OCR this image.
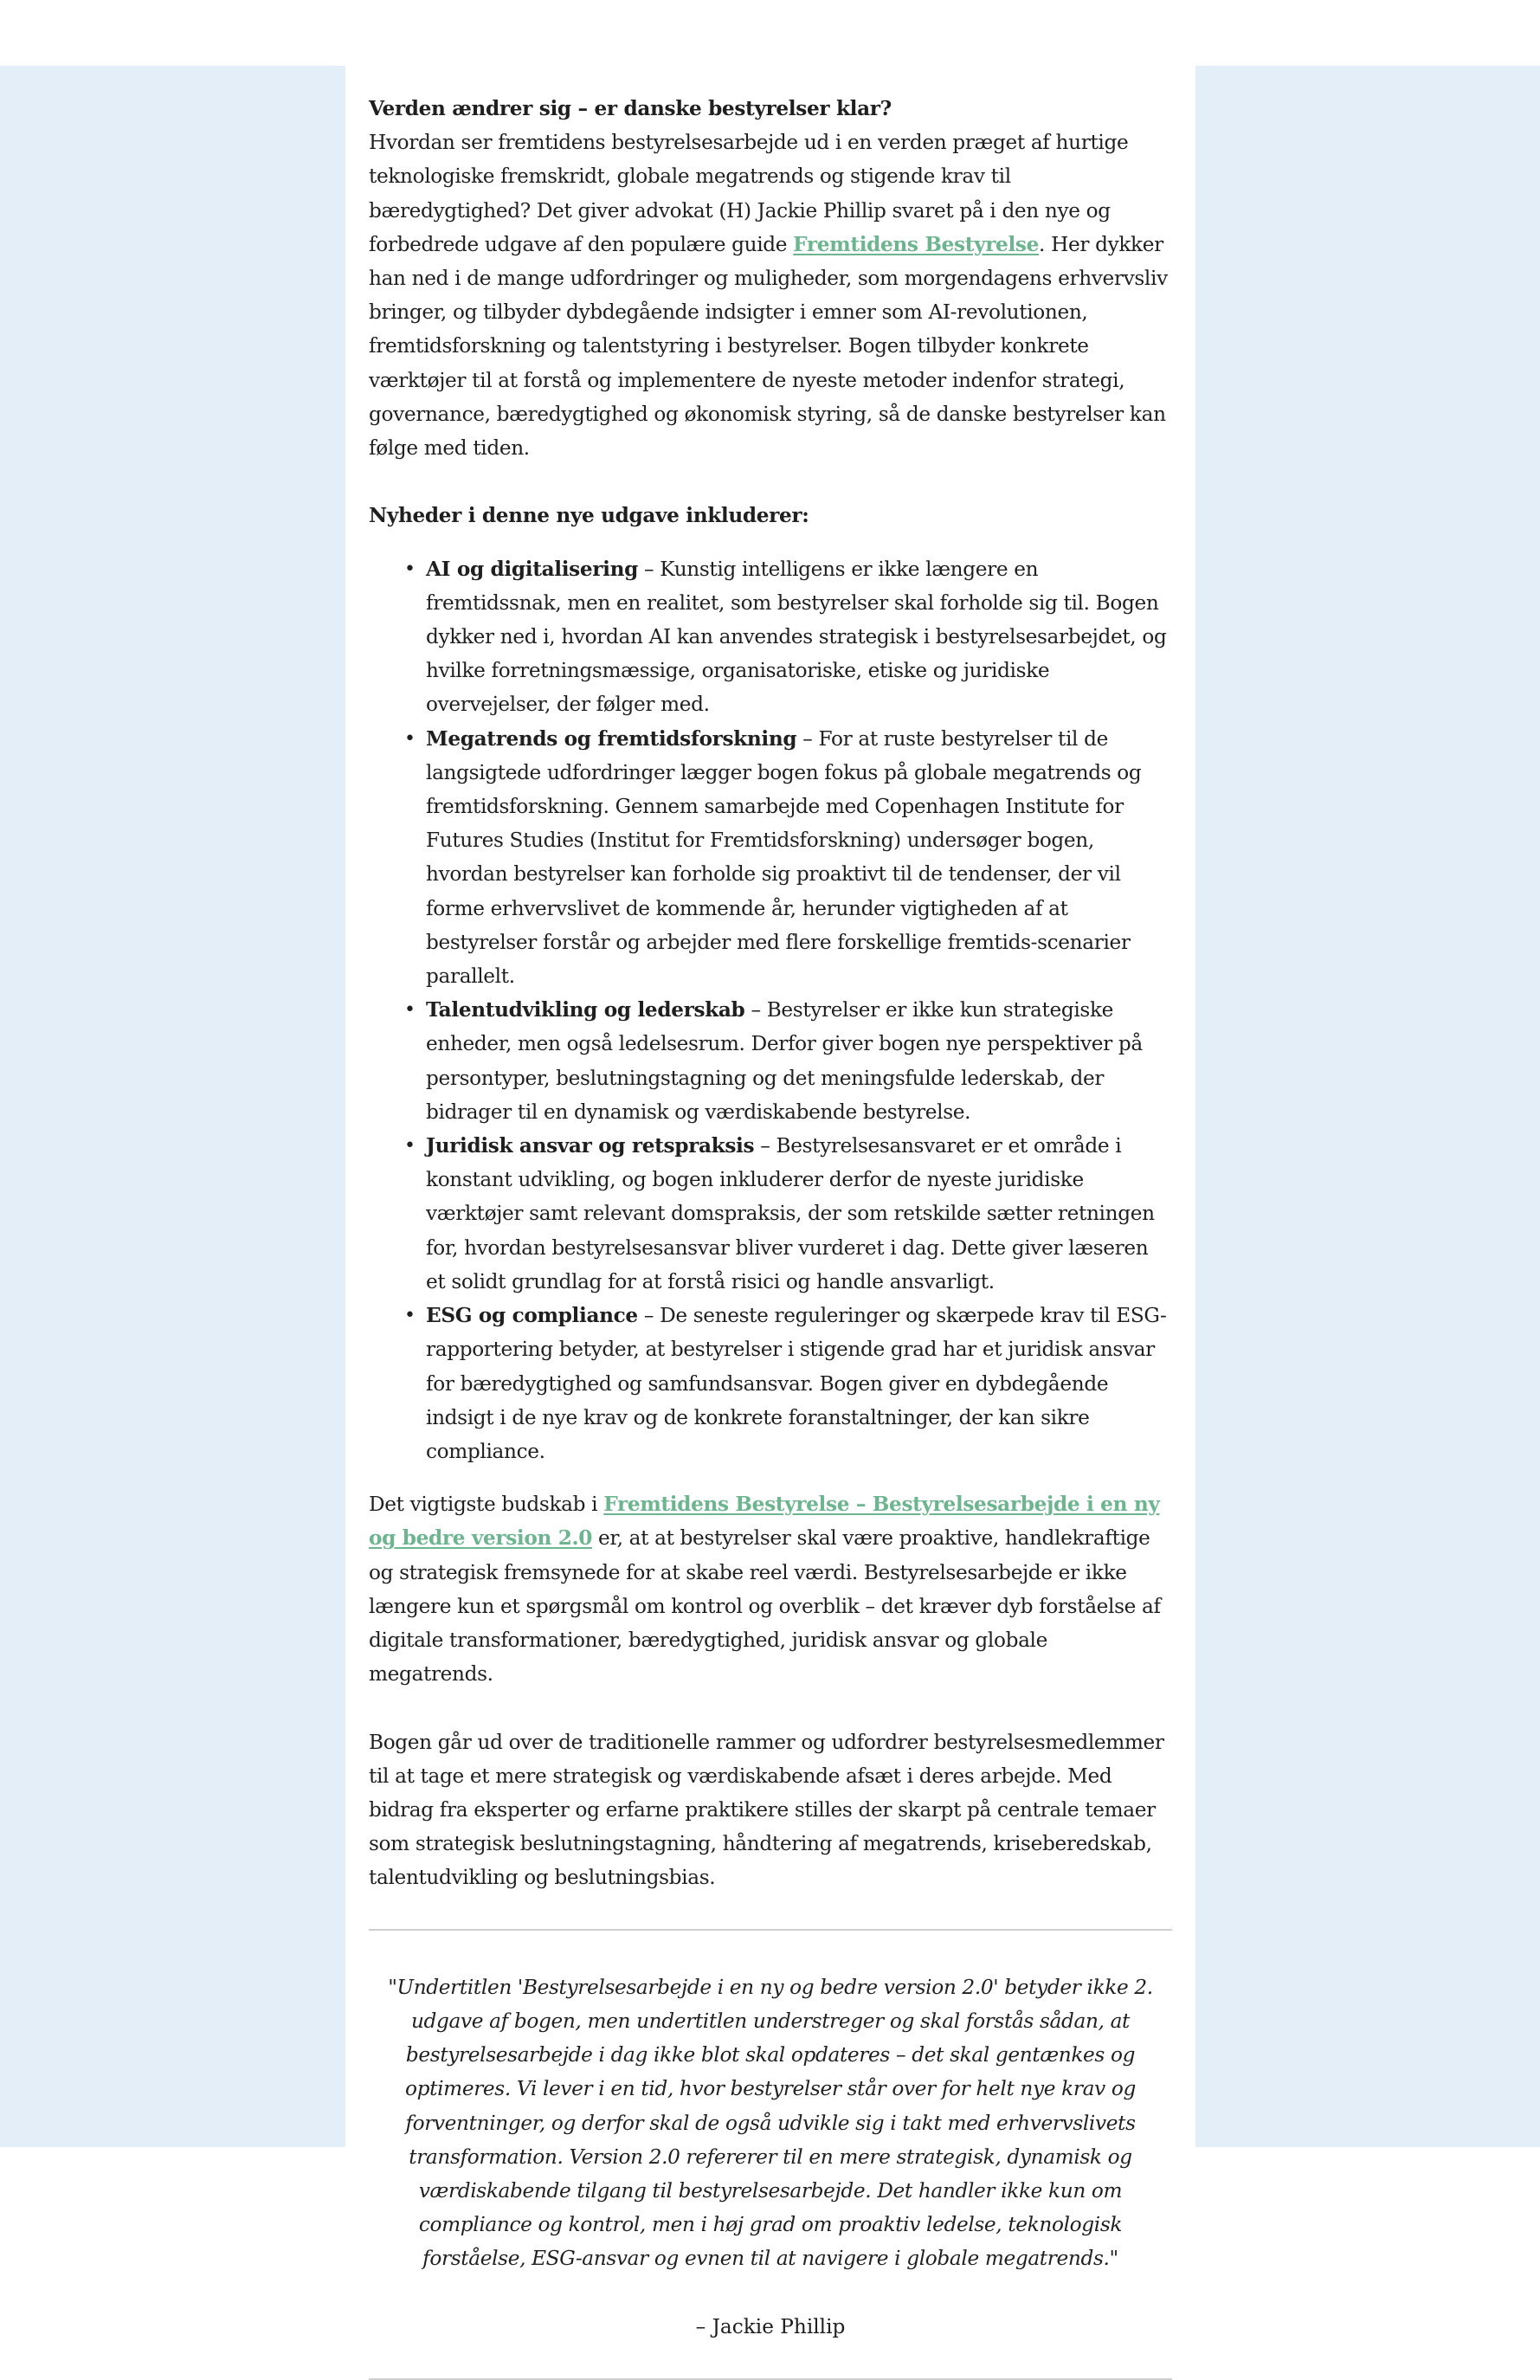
Verden ændrer sig – er danske bestyrelser klar?
Hvordan ser fremtidens bestyrelsesarbejde ud i en verden præget af hurtige teknologiske fremskridt, globale megatrends og stigende krav til bæredygtighed? Det giver advokat (H) Jackie Phillip svaret på i den nye og forbedrede udgave af den populære guide Fremtidens Bestyrelse. Her dykker han ned i de mange udfordringer og muligheder, som morgendagens erhvervsliv bringer, og tilbyder dybdegående indsigter i emner som AI-revolutionen, fremtidsforskning og talentstyring i bestyrelser. Bogen tilbyder konkrete værktøjer til at forstå og implementere de nyeste metoder indenfor strategi, governance, bæredygtighed og økonomisk styring, så de danske bestyrelser kan følge med tiden.

Nyheder i denne nye udgave inkluderer:

• AI og digitalisering – Kunstig intelligens er ikke længere en fremtidssnak, men en realitet, som bestyrelser skal forholde sig til. Bogen dykker ned i, hvordan AI kan anvendes strategisk i bestyrelsesarbejdet, og hvilke forretningsmæssige, organisatoriske, etiske og juridiske overvejelser, der følger med.
• Megatrends og fremtidsforskning – For at ruste bestyrelser til de langsigtede udfordringer lægger bogen fokus på globale megatrends og fremtidsforskning. Gennem samarbejde med Copenhagen Institute for Futures Studies (Institut for Fremtidsforskning) undersøger bogen, hvordan bestyrelser kan forholde sig proaktivt til de tendenser, der vil forme erhvervslivet de kommende år, herunder vigtigheden af at bestyrelser forstår og arbejder med flere forskellige fremtids-scenarier parallelt.
• Talentudvikling og lederskab – Bestyrelser er ikke kun strategiske enheder, men også ledelsesrum. Derfor giver bogen nye perspektiver på persontyper, beslutningstagning og det meningsfulde lederskab, der bidrager til en dynamisk og værdiskabende bestyrelse.
• Juridisk ansvar og retspraksis – Bestyrelsesansvaret er et område i konstant udvikling, og bogen inkluderer derfor de nyeste juridiske værktøjer samt relevant domspraksis, der som retskilde sætter retningen for, hvordan bestyrelsesansvar bliver vurderet i dag. Dette giver læseren et solidt grundlag for at forstå risici og handle ansvarligt.
• ESG og compliance – De seneste reguleringer og skærpede krav til ESG-rapportering betyder, at bestyrelser i stigende grad har et juridisk ansvar for bæredygtighed og samfundsansvar. Bogen giver en dybdegående indsigt i de nye krav og de konkrete foranstaltninger, der kan sikre compliance.

Det vigtigste budskab i Fremtidens Bestyrelse – Bestyrelsesarbejde i en ny og bedre version 2.0 er, at at bestyrelser skal være proaktive, handlekraftige og strategisk fremsynede for at skabe reel værdi. Bestyrelsesarbejde er ikke længere kun et spørgsmål om kontrol og overblik – det kræver dyb forståelse af digitale transformationer, bæredygtighed, juridisk ansvar og globale megatrends.

Bogen går ud over de traditionelle rammer og udfordrer bestyrelsesmedlemmer til at tage et mere strategisk og værdiskabende afsæt i deres arbejde. Med bidrag fra eksperter og erfarne praktikere stilles der skarpt på centrale temaer som strategisk beslutningstagning, håndtering af megatrends, kriseberedskab, talentudvikling og beslutningsbias.

"Undertitlen 'Bestyrelsesarbejde i en ny og bedre version 2.0' betyder ikke 2. udgave af bogen, men undertitlen understreger og skal forstås sådan, at bestyrelsesarbejde i dag ikke blot skal opdateres – det skal gentænkes og optimeres. Vi lever i en tid, hvor bestyrelser står over for helt nye krav og forventninger, og derfor skal de også udvikle sig i takt med erhvervslivets transformation. Version 2.0 refererer til en mere strategisk, dynamisk og værdiskabende tilgang til bestyrelsesarbejde. Det handler ikke kun om compliance og kontrol, men i høj grad om proaktiv ledelse, teknologisk forståelse, ESG-ansvar og evnen til at navigere i globale megatrends."

– Jackie Phillip
